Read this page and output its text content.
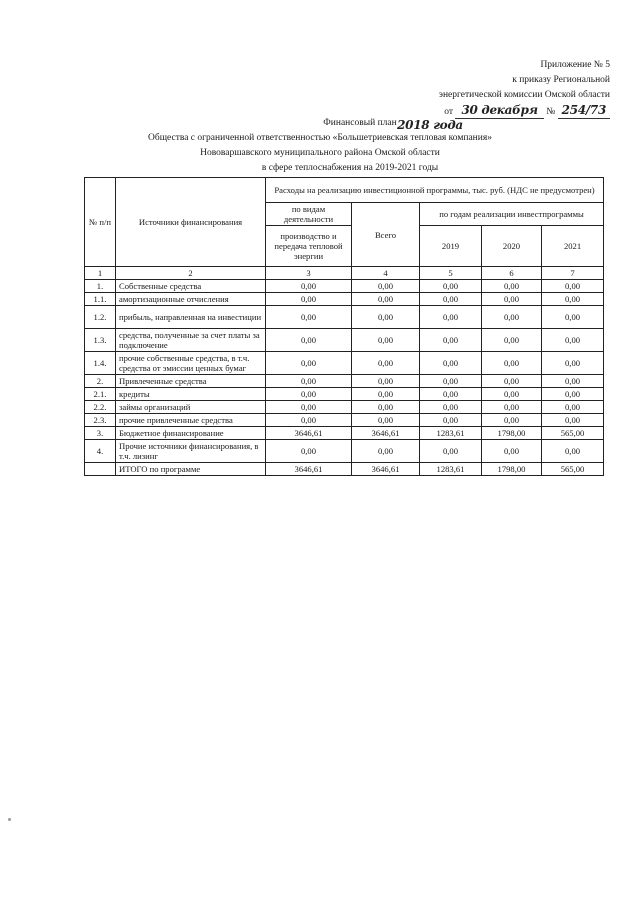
Приложение № 5
к приказу Региональной
энергетической комиссии Омской области
от 30 декабря № 254/73
2018 года
Финансовый план
Общества с ограниченной ответственностью «Большетриевская тепловая компания»
Нововаршавского муниципального района Омской области
в сфере теплоснабжения на 2019-2021 годы
№ п/п	Источники финансирования	Расходы на реализацию инвестиционной программы, тыс. руб. (НДС не предусмотрен)				
		по видам деятельности	Всего	по годам реализации инвестпрограммы		
		производство и передача тепловой энергии		2019	2020	2021

1	2	3	4	5	6	7
1.	Собственные средства	0,00	0,00	0,00	0,00	0,00
1.1.	амортизационные отчисления	0,00	0,00	0,00	0,00	0,00
1.2.	прибыль, направленная на инвестиции	0,00	0,00	0,00	0,00	0,00
1.3.	средства, полученные за счет платы за подключение	0,00	0,00	0,00	0,00	0,00
1.4.	прочие собственные средства, в т.ч. средства от эмиссии ценных бумаг	0,00	0,00	0,00	0,00	0,00
2.	Привлеченные средства	0,00	0,00	0,00	0,00	0,00
2.1.	кредиты	0,00	0,00	0,00	0,00	0,00
2.2.	займы организаций	0,00	0,00	0,00	0,00	0,00
2.3.	прочие привлеченные средства	0,00	0,00	0,00	0,00	0,00
3.	Бюджетное финансирование	3646,61	3646,61	1283,61	1798,00	565,00
4.	Прочие источники финансирования, в т.ч. лизинг	0,00	0,00	0,00	0,00	0,00
	ИТОГО по программе	3646,61	3646,61	1283,61	1798,00	565,00
